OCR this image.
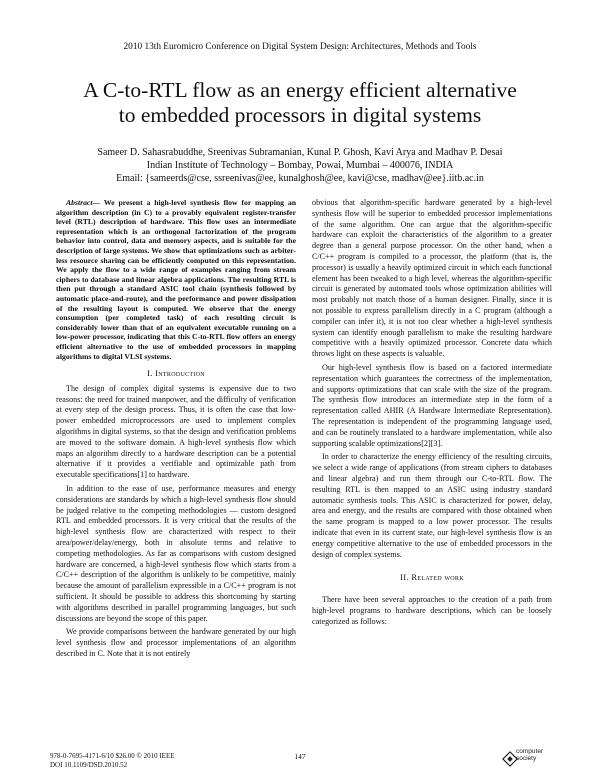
2010 13th Euromicro Conference on Digital System Design: Architectures, Methods and Tools
A C-to-RTL flow as an energy efficient alternative
to embedded processors in digital systems
Sameer D. Sahasrabuddhe, Sreenivas Subramanian, Kunal P. Ghosh, Kavi Arya and Madhav P. Desai
Indian Institute of Technology – Bombay, Powai, Mumbai – 400076, INDIA
Email: {sameerds@cse, ssreenivas@ee, kunalghosh@ee, kavi@cse, madhav@ee}.iitb.ac.in

Abstract— We present a high-level synthesis flow for mapping an algorithm description (in C) to a provably equivalent register-transfer level (RTL) description of hardware. This flow uses an intermediate representation which is an orthogonal factorization of the program behavior into control, data and memory aspects, and is suitable for the description of large systems. We show that optimizations such as arbiter-less resource sharing can be efficiently computed on this representation. We apply the flow to a wide range of examples ranging from stream ciphers to database and linear algebra applications. The resulting RTL is then put through a standard ASIC tool chain (synthesis followed by automatic place-and-route), and the performance and power dissipation of the resulting layout is computed. We observe that the energy consumption (per completed task) of each resulting circuit is considerably lower than that of an equivalent executable running on a low-power processor, indicating that this C-to-RTL flow offers an energy efficient alternative to the use of embedded processors in mapping algorithms to digital VLSI systems.

I. Introduction

The design of complex digital systems is expensive due to two reasons: the need for trained manpower, and the difficulty of verification at every step of the design process. Thus, it is often the case that low-power embedded microprocessors are used to implement complex algorithms in digital systems, so that the design and verification problems are moved to the software domain. A high-level synthesis flow which maps an algorithm directly to a hardware description can be a potential alternative if it provides a verifiable and optimizable path from executable specifications[1] to hardware.

In addition to the ease of use, performance measures and energy considerations are standards by which a high-level synthesis flow should be judged relative to the competing methodologies — custom designed RTL and embedded processors. It is very critical that the results of the high-level synthesis flow are characterized with respect to their area/power/delay/energy, both in absolute terms and relative to competing methodologies. As far as comparisons with custom designed hardware are concerned, a high-level synthesis flow which starts from a C/C++ description of the algorithm is unlikely to be competitive, mainly because the amount of parallelism expressible in a C/C++ program is not sufficient. It should be possible to address this shortcoming by starting with algorithms described in parallel programming languages, but such discussions are beyond the scope of this paper.

We provide comparisons between the hardware generated by our high level synthesis flow and processor implementations of an algorithm described in C. Note that it is not entirely

obvious that algorithm-specific hardware generated by a high-level synthesis flow will be superior to embedded processor implementations of the same algorithm. One can argue that the algorithm-specific hardware can exploit the characteristics of the algorithm to a greater degree than a general purpose processor. On the other hand, when a C/C++ program is compiled to a processor, the platform (that is, the processor) is usually a heavily optimized circuit in which each functional element has been tweaked to a high level, whereas the algorithm-specific circuit is generated by automated tools whose optimization abilities will most probably not match those of a human designer. Finally, since it is not possible to express parallelism directly in a C program (although a compiler can infer it), it is not too clear whether a high-level synthesis system can identify enough parallelism to make the resulting hardware competitive with a heavily optimized processor. Concrete data which throws light on these aspects is valuable.

Our high-level synthesis flow is based on a factored intermediate representation which guarantees the correctness of the implementation, and supports optimizations that can scale with the size of the program. The synthesis flow introduces an intermediate step in the form of a representation called AHIR (A Hardware Intermediate Representation). The representation is independent of the programming language used, and can be routinely translated to a hardware implementation, while also supporting scalable optimizations[2][3].

In order to characterize the energy efficiency of the resulting circuits, we select a wide range of applications (from stream ciphers to databases and linear algebra) and run them through our C-to-RTL flow. The resulting RTL is then mapped to an ASIC using industry standard automatic synthesis tools. This ASIC is characterized for power, delay, area and energy, and the results are compared with those obtained when the same program is mapped to a low power processor. The results indicate that even in its current state, our high-level synthesis flow is an energy competitive alternative to the use of embedded processors in the design of complex systems.

II. Related work

There have been several approaches to the creation of a path from high-level programs to hardware descriptions, which can be loosely categorized as follows:

978-0-7695-4171-6/10 $26.00 © 2010 IEEE
DOI 10.1109/DSD.2010.52
147
computer
society
